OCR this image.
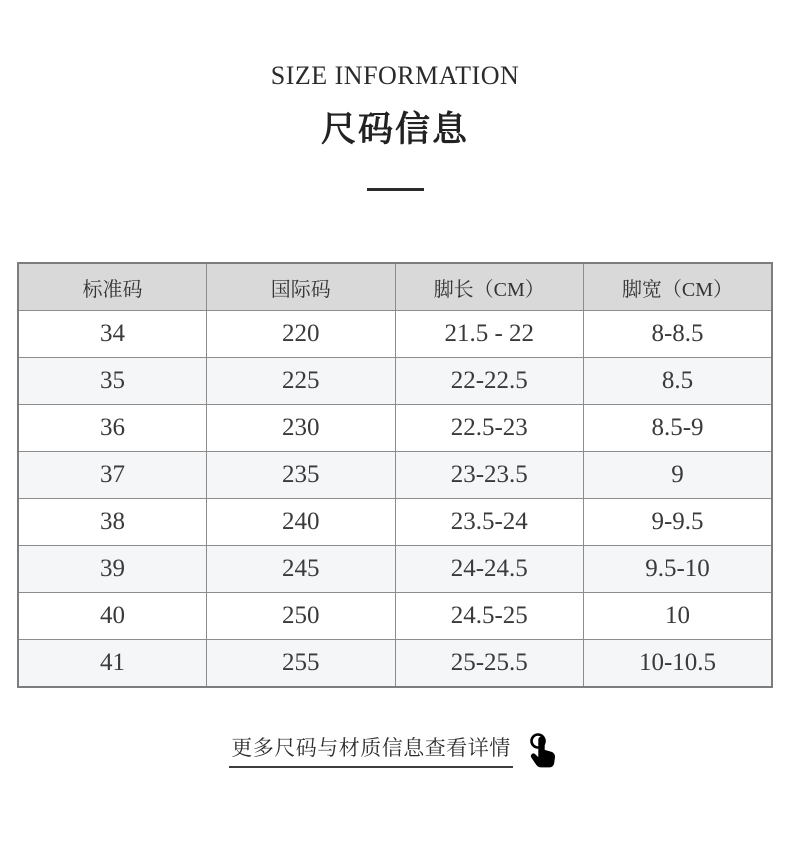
SIZE INFORMATION
尺码信息
标准码	国际码	脚长（CM）	脚宽（CM）
34	220	21.5 - 22	8-8.5
35	225	22-22.5	8.5
36	230	22.5-23	8.5-9
37	235	23-23.5	9
38	240	23.5-24	9-9.5
39	245	24-24.5	9.5-10
40	250	24.5-25	10
41	255	25-25.5	10-10.5
更多尺码与材质信息查看详情
